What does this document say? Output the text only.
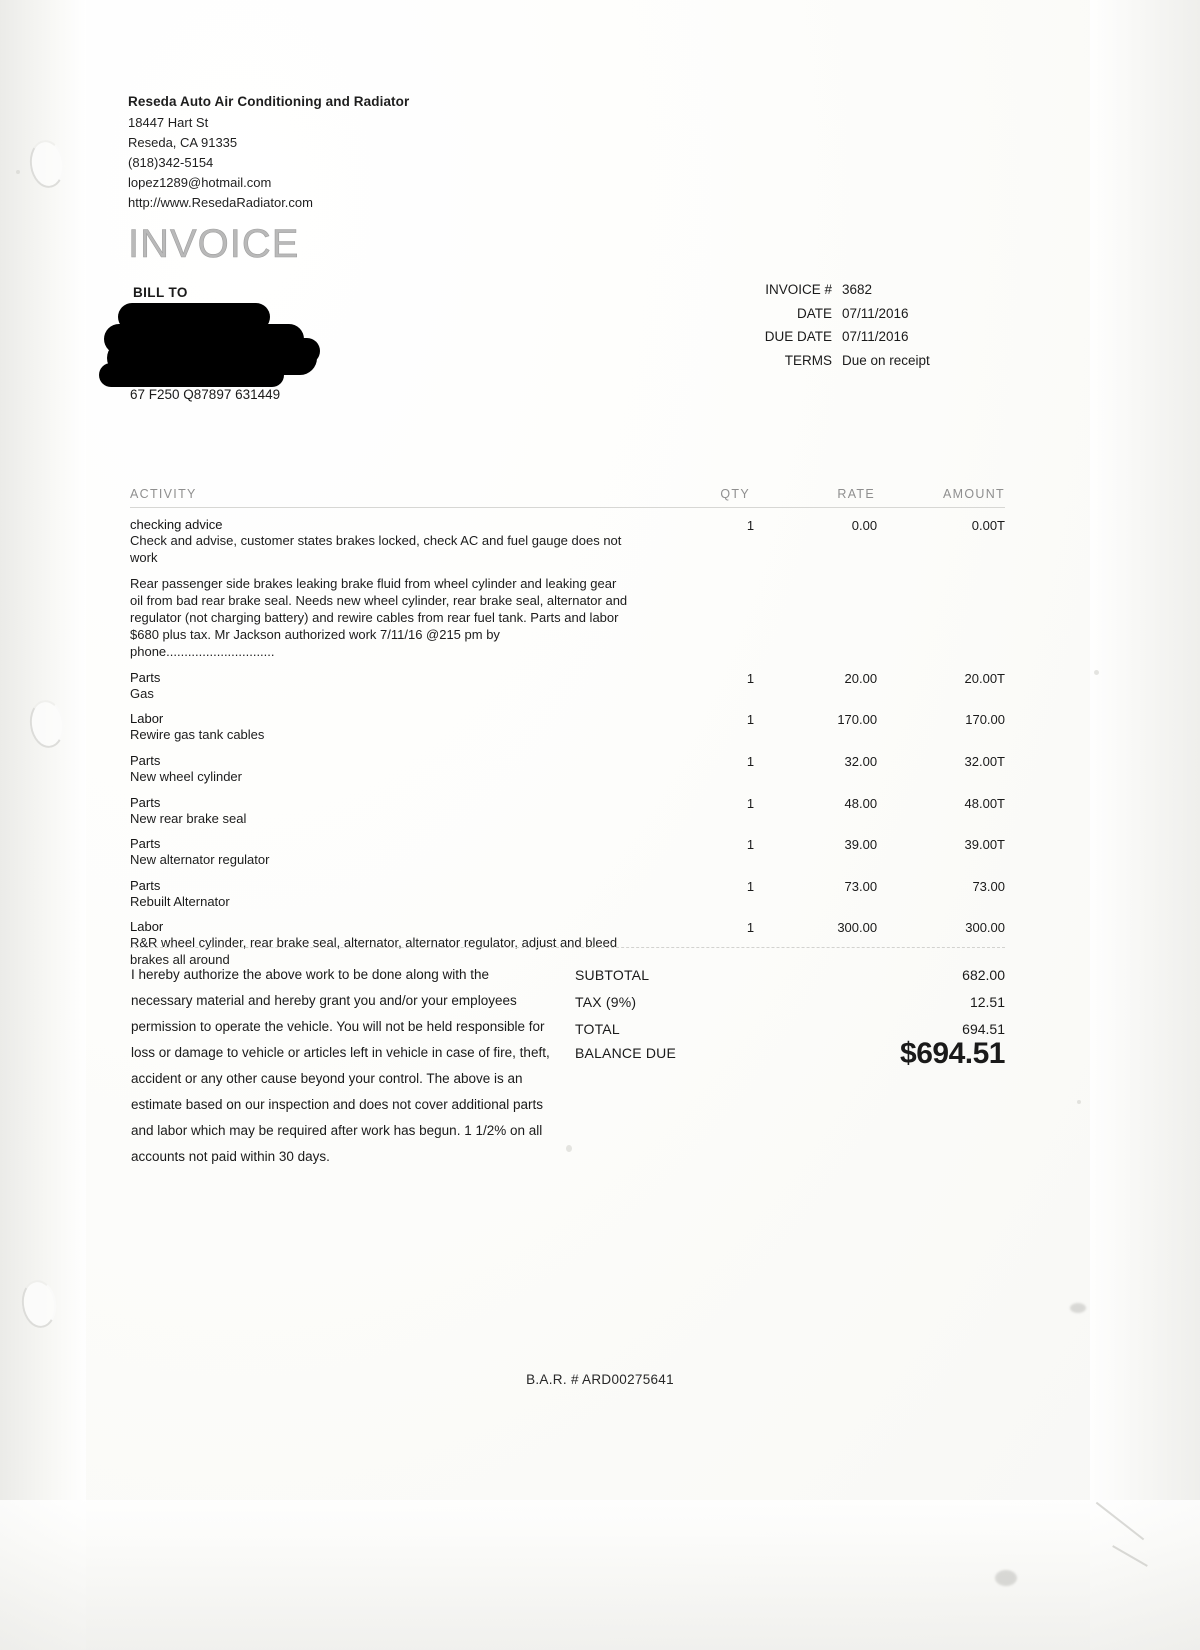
Reseda Auto Air Conditioning and Radiator
18447 Hart St
Reseda, CA 91335
(818)342-5154
lopez1289@hotmail.com
http://www.ResedaRadiator.com
INVOICE
BILL TO
67 F250 Q87897 631449
INVOICE # 3682
DATE 07/11/2016
DUE DATE 07/11/2016
TERMS Due on receipt
ACTIVITY	QTY	RATE	AMOUNT
checking advice
Check and advise, customer states brakes locked, check AC and fuel gauge does not work
1	0.00	0.00T
Rear passenger side brakes leaking brake fluid from wheel cylinder and leaking gear oil from bad rear brake seal. Needs new wheel cylinder, rear brake seal, alternator and regulator (not charging battery) and rewire cables from rear fuel tank. Parts and labor $680 plus tax. Mr Jackson authorized work 7/11/16 @215 pm by phone..............................
Parts
Gas
1	20.00	20.00T
Labor
Rewire gas tank cables
1	170.00	170.00
Parts
New wheel cylinder
1	32.00	32.00T
Parts
New rear brake seal
1	48.00	48.00T
Parts
New alternator regulator
1	39.00	39.00T
Parts
Rebuilt Alternator
1	73.00	73.00
Labor
R&R wheel cylinder, rear brake seal, alternator, alternator regulator, adjust and bleed brakes all around
1	300.00	300.00
I hereby authorize the above work to be done along with the necessary material and hereby grant you and/or your employees permission to operate the vehicle. You will not be held responsible for loss or damage to vehicle or articles left in vehicle in case of fire, theft, accident or any other cause beyond your control. The above is an estimate based on our inspection and does not cover additional parts and labor which may be required after work has begun. 1 1/2% on all accounts not paid within 30 days.
SUBTOTAL	682.00
TAX (9%)	12.51
TOTAL	694.51
BALANCE DUE	$694.51
B.A.R. # ARD00275641
